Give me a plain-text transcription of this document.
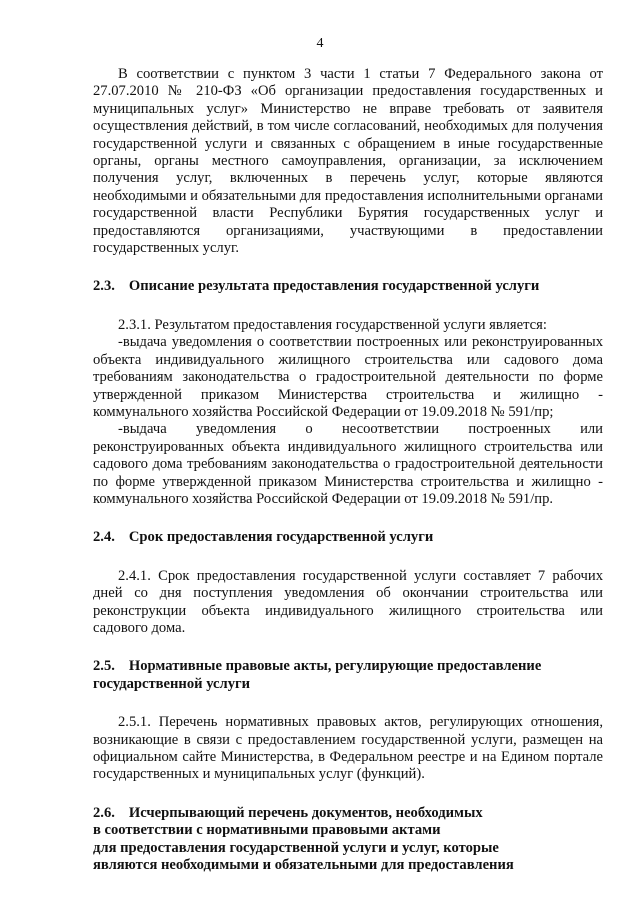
4

В соответствии с пунктом 3 части 1 статьи 7 Федерального закона от 27.07.2010 № 210-ФЗ «Об организации предоставления государственных и муниципальных услуг» Министерство не вправе требовать от заявителя осуществления действий, в том числе согласований, необходимых для получения государственной услуги и связанных с обращением в иные государственные органы, органы местного самоуправления, организации, за исключением получения услуг, включенных в перечень услуг, которые являются необходимыми и обязательными для предоставления исполнительными органами государственной власти Республики Бурятия государственных услуг и предоставляются организациями, участвующими в предоставлении государственных услуг.

2.3. Описание результата предоставления государственной услуги

2.3.1. Результатом предоставления государственной услуги является:

-выдача уведомления о соответствии построенных или реконструированных объекта индивидуального жилищного строительства или садового дома требованиям законодательства о градостроительной деятельности по форме утвержденной приказом Министерства строительства и жилищно - коммунального хозяйства Российской Федерации от 19.09.2018 № 591/пр;

-выдача уведомления о несоответствии построенных или реконструированных объекта индивидуального жилищного строительства или садового дома требованиям законодательства о градостроительной деятельности по форме утвержденной приказом Министерства строительства и жилищно - коммунального хозяйства Российской Федерации от 19.09.2018 № 591/пр.

2.4. Срок предоставления государственной услуги

2.4.1. Срок предоставления государственной услуги составляет 7 рабочих дней со дня поступления уведомления об окончании строительства или реконструкции объекта индивидуального жилищного строительства или садового дома.

2.5. Нормативные правовые акты, регулирующие предоставление
государственной услуги

2.5.1. Перечень нормативных правовых актов, регулирующих отношения, возникающие в связи с предоставлением государственной услуги, размещен на официальном сайте Министерства, в Федеральном реестре и на Едином портале государственных и муниципальных услуг (функций).

2.6. Исчерпывающий перечень документов, необходимых
в соответствии с нормативными правовыми актами
для предоставления государственной услуги и услуг, которые
являются необходимыми и обязательными для предоставления
